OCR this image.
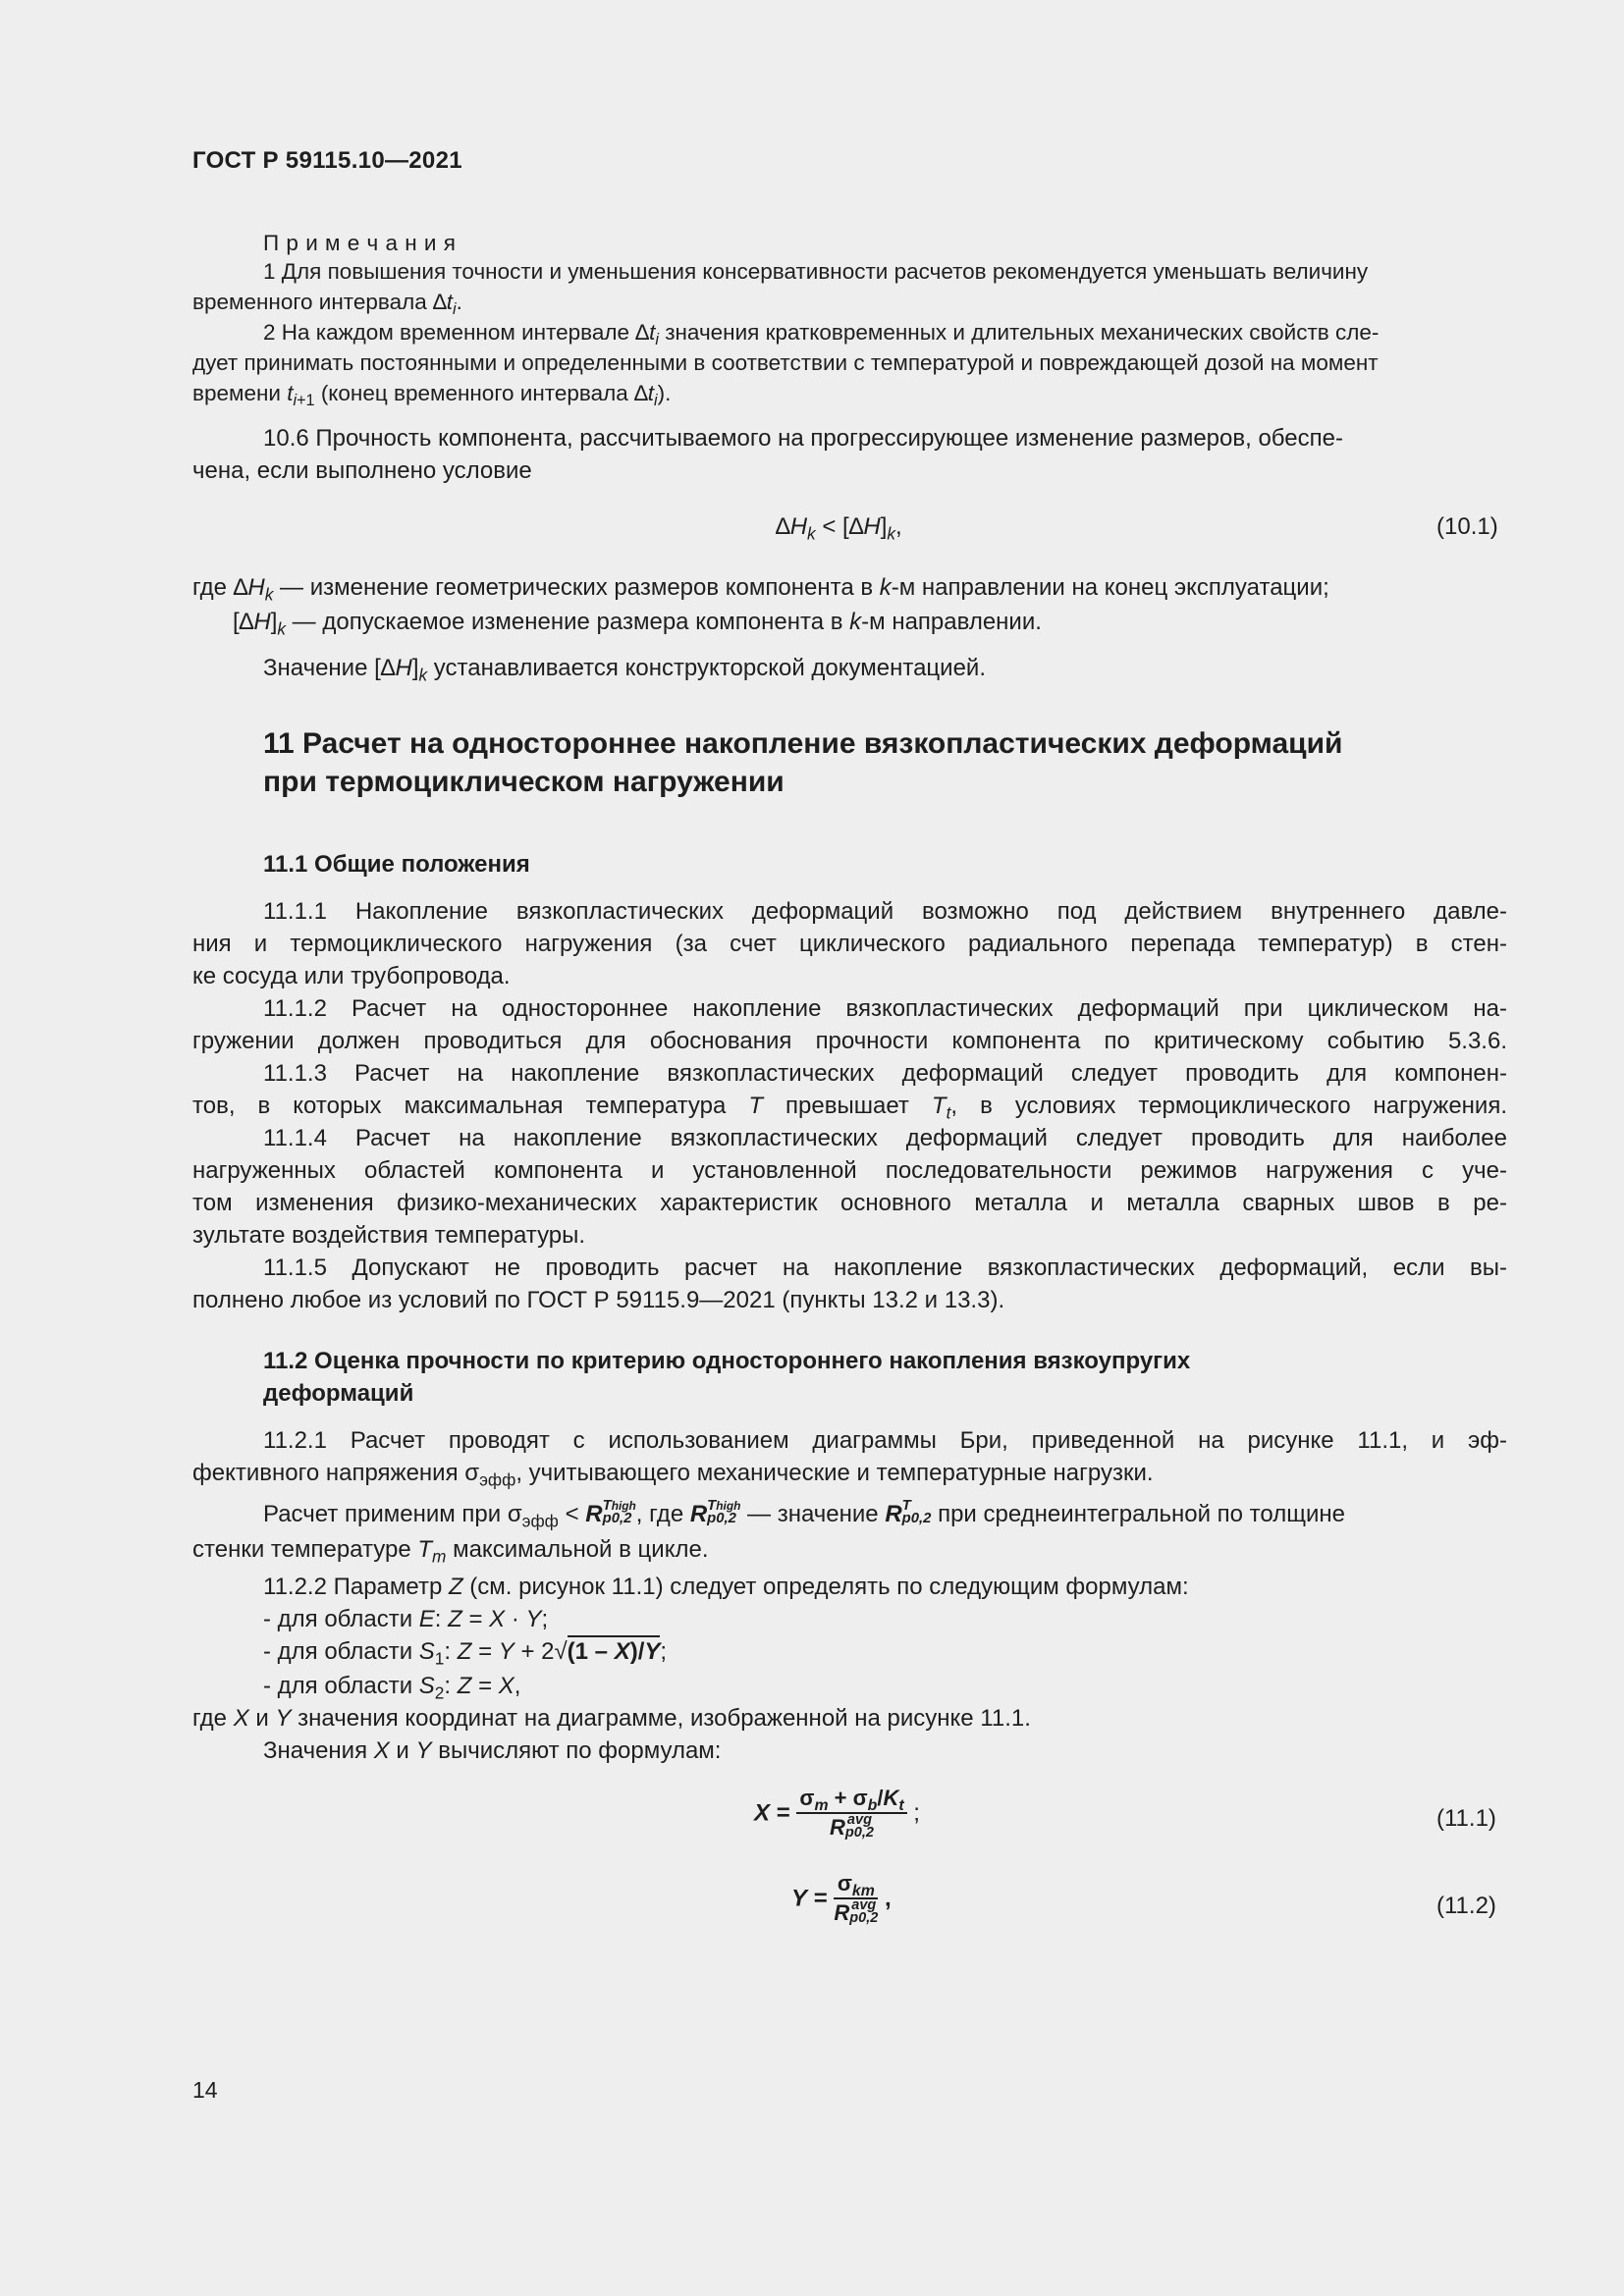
ГОСТ Р 59115.10—2021
П р и м е ч а н и я
1 Для повышения точности и уменьшения консервативности расчетов рекомендуется уменьшать величину
временного интервала $\Delta t_i$.
2 На каждом временном интервале $\Delta t_i$ значения кратковременных и длительных механических свойств сле-
дует принимать постоянными и определенными в соответствии с температурой и повреждающей дозой на момент
времени $t_{i+1}$ (конец временного интервала $\Delta t_i$).
10.6 Прочность компонента, рассчитываемого на прогрессирующее изменение размеров, обеспе-
чена, если выполнено условие
$\Delta H_k < [\Delta H]_k$,	(10.1)
где $\Delta H_k$ — изменение геометрических размеров компонента в k-м направлении на конец эксплуатации;
$[\Delta H]_k$ — допускаемое изменение размера компонента в k-м направлении.
Значение $[\Delta H]_k$ устанавливается конструкторской документацией.
11 Расчет на одностороннее накопление вязкопластических деформаций
при термоциклическом нагружении
11.1 Общие положения
11.1.1 Накопление вязкопластических деформаций возможно под действием внутреннего давле-
ния и термоциклического нагружения (за счет циклического радиального перепада температур) в стен-
ке сосуда или трубопровода.
11.1.2 Расчет на одностороннее накопление вязкопластических деформаций при циклическом на-
гружении должен проводиться для обоснования прочности компонента по критическому событию 5.3.6.
11.1.3 Расчет на накопление вязкопластических деформаций следует проводить для компонен-
тов, в которых максимальная температура T превышает $T_t$, в условиях термоциклического нагружения.
11.1.4 Расчет на накопление вязкопластических деформаций следует проводить для наиболее
нагруженных областей компонента и установленной последовательности режимов нагружения с уче-
том изменения физико-механических характеристик основного металла и металла сварных швов в ре-
зультате воздействия температуры.
11.1.5 Допускают не проводить расчет на накопление вязкопластических деформаций, если вы-
полнено любое из условий по ГОСТ Р 59115.9—2021 (пункты 13.2 и 13.3).
11.2 Оценка прочности по критерию одностороннего накопления вязкоупругих
деформаций
11.2.1 Расчет проводят с использованием диаграммы Бри, приведенной на рисунке 11.1, и эф-
фективного напряжения $\sigma_{эфф}$, учитывающего механические и температурные нагрузки.
Расчет применим при $\sigma_{эфф} < R$ Thigh
p0,2 , где R Thigh
p0,2 — значение R T
p0,2 при среднеинтегральной по толщине
стенки температуре $T_m$ максимальной в цикле.
11.2.2 Параметр Z (см. рисунок 11.1) следует определять по следующим формулам:
- для области E: Z = X · Y;
- для области $S_1$: Z = Y + 2√(1 – X)/Y;
- для области $S_2$: Z = X,
где X и Y значения координат на диаграмме, изображенной на рисунке 11.1.
Значения X и Y вычисляют по формулам:
$X = \sigma_m + \sigma_b/K_t$
R avg
p0,2 ;	(11.1)
$Y = \sigma_{km}$
R avg
p0,2 ,	(11.2)
14
